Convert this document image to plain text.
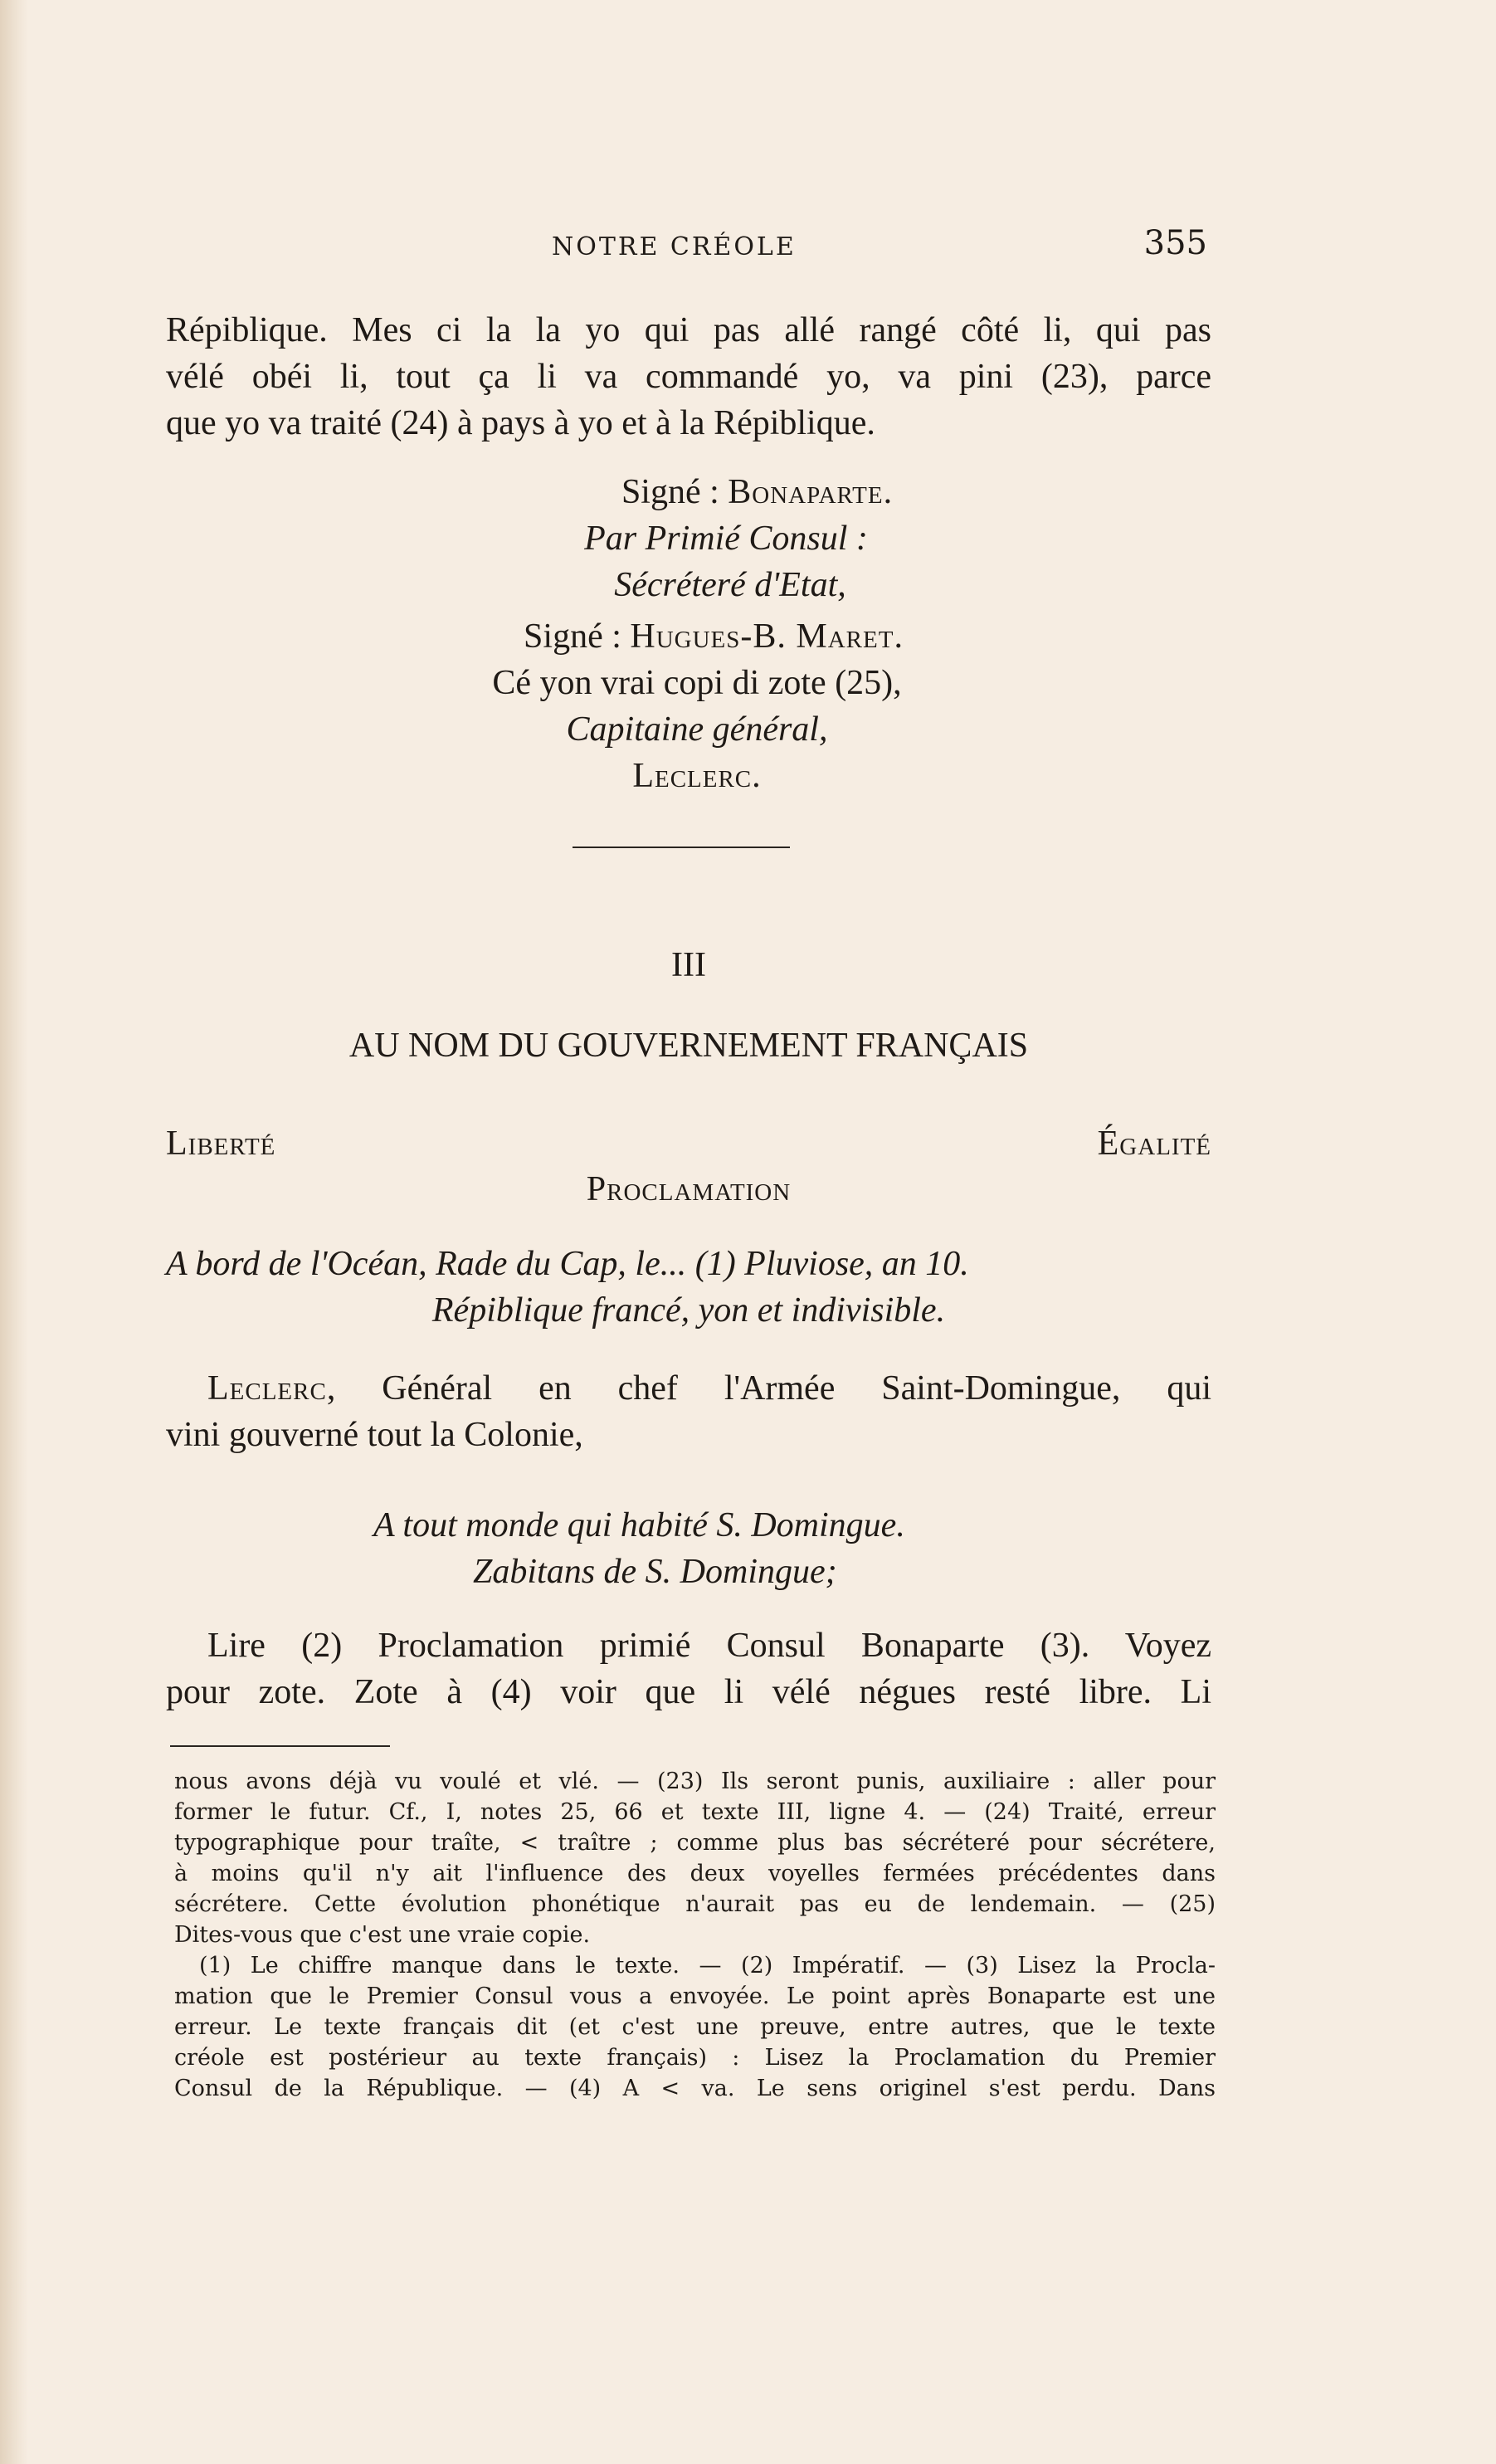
NOTRE CRÉOLE	355
Répiblique. Mes ci la la yo qui pas allé rangé côté li, qui pas
vélé obéi li, tout ça li va commandé yo, va pini (23), parce
que yo va traité (24) à pays à yo et à la Répiblique.
Signé : Bonaparte.
Par Primié Consul :
Sécréteré d'Etat,
Signé : Hugues-B. Maret.
Cé yon vrai copi di zote (25),
Capitaine général,
Leclerc.
III
AU NOM DU GOUVERNEMENT FRANÇAIS
Liberté	Égalité
Proclamation
A bord de l'Océan, Rade du Cap, le... (1) Pluviose, an 10.
Répiblique francé, yon et indivisible.
Leclerc, Général en chef l'Armée Saint-Domingue, qui
vini gouverné tout la Colonie,
A tout monde qui habité S. Domingue.
Zabitans de S. Domingue;
Lire (2) Proclamation primié Consul Bonaparte (3). Voyez
pour zote. Zote à (4) voir que li vélé négues resté libre. Li
nous avons déjà vu voulé et vlé. — (23) Ils seront punis, auxiliaire : aller pour
former le futur. Cf., I, notes 25, 66 et texte III, ligne 4. — (24) Traité, erreur
typographique pour traîte, < traître ; comme plus bas sécréteré pour sécrétere,
à moins qu'il n'y ait l'influence des deux voyelles fermées précédentes dans
sécrétere. Cette évolution phonétique n'aurait pas eu de lendemain. — (25)
Dites-vous que c'est une vraie copie.
(1) Le chiffre manque dans le texte. — (2) Impératif. — (3) Lisez la Procla-
mation que le Premier Consul vous a envoyée. Le point après Bonaparte est une
erreur. Le texte français dit (et c'est une preuve, entre autres, que le texte
créole est postérieur au texte français) : Lisez la Proclamation du Premier
Consul de la République. — (4) A < va. Le sens originel s'est perdu. Dans
